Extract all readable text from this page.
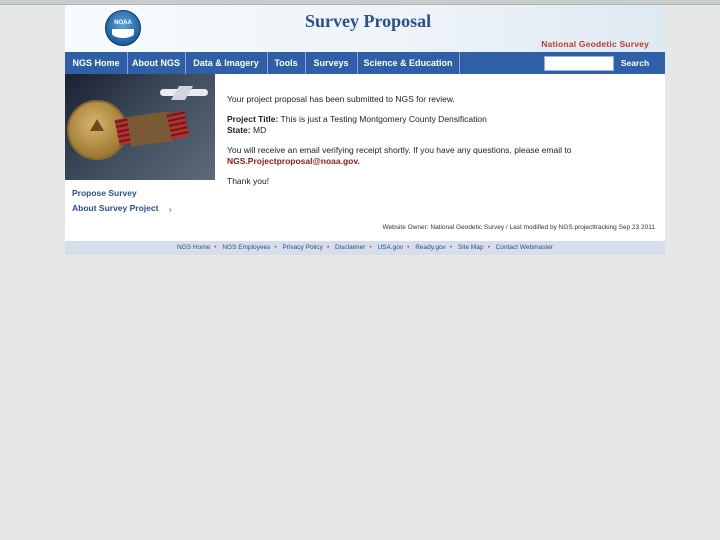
NOAA	Survey Proposal
National Geodetic Survey
NGS Home	About NGS	Data & Imagery	Tools	Surveys	Science & Education	Search
Propose Survey
About Survey Project ›

Your project proposal has been submitted to NGS for review.

Project Title: This is just a Testing Montgomery County Densification
State: MD

You will receive an email verifying receipt shortly. If you have any questions, please email to
NGS.Projectproposal@noaa.gov.

Thank you!

Website Owner: National Geodetic Survey / Last modified by NGS.projecttracking Sep 23 2011
NGS Home • NGS Employees • Privacy Policy • Disclaimer • USA.gov • Ready.gov • Site Map • Contact Webmaster
